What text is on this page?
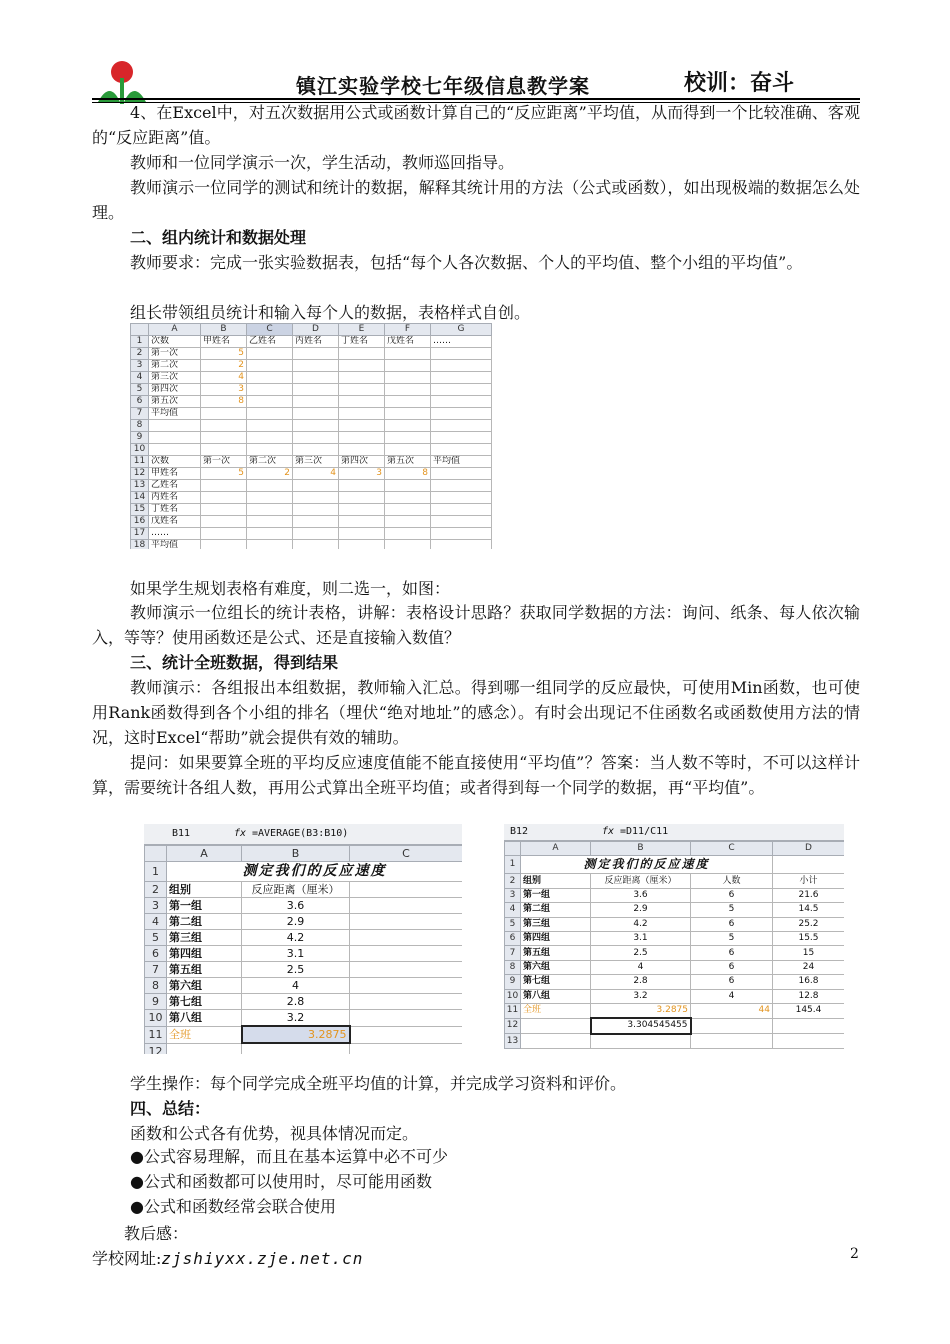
镇江实验学校七年级信息教学案	校训：奋斗
4、在Excel中，对五次数据用公式或函数计算自己的“反应距离”平均值，从而得到一个比较准确、客观的“反应距离”值。
教师和一位同学演示一次，学生活动，教师巡回指导。
教师演示一位同学的测试和统计的数据，解释其统计用的方法（公式或函数），如出现极端的数据怎么处理。
二、组内统计和数据处理
教师要求：完成一张实验数据表，包括“每个人各次数据、个人的平均值、整个小组的平均值”。
组长带领组员统计和输入每个人的数据，表格样式自创。
	A	B	C	D	E	F	G	
1	次数	甲姓名	乙姓名	丙姓名	丁姓名	戊姓名	……	
2	第一次	5						
3	第二次	2						
4	第三次	4						
5	第四次	3						
6	第五次	8						
7	平均值							
8								
9								
10								
11	次数	第一次	第二次	第三次	第四次	第五次	平均值	
12	甲姓名	5	2	4	3	8		
13	乙姓名							
14	丙姓名							
15	丁姓名							
16	戊姓名							
17	……							
18	平均值							
如果学生规划表格有难度，则二选一，如图：
教师演示一位组长的统计表格，讲解：表格设计思路？获取同学数据的方法：询问、纸条、每人依次输入，等等？使用函数还是公式、还是直接输入数值？
三、统计全班数据，得到结果
教师演示：各组报出本组数据，教师输入汇总。得到哪一组同学的反应最快，可使用Min函数，也可使用Rank函数得到各个小组的排名（埋伏“绝对地址”的感念）。有时会出现记不住函数名或函数使用方法的情况，这时Excel“帮助”就会提供有效的辅助。
提问：如果要算全班的平均反应速度值能不能直接使用“平均值”？答案：当人数不等时，不可以这样计算，需要统计各组人数，再用公式算出全班平均值；或者得到每一个同学的数据，再“平均值”。
B11	fx =AVERAGE(B3:B10)
	A	B	C
1	测定我们的反应速度		
2	组别	反应距离（厘米）	
3	第一组	3.6	
4	第二组	2.9	
5	第三组	4.2	
6	第四组	3.1	
7	第五组	2.5	
8	第六组	4	
9	第七组	2.8	
10	第八组	3.2	
11	全班	3.2875	
12			
B12	fx =D11/C11
	A	B	C	D
1	测定我们的反应速度			
2	组别	反应距离（厘米）	人数	小计
3	第一组	3.6	6	21.6
4	第二组	2.9	5	14.5
5	第三组	4.2	6	25.2
6	第四组	3.1	5	15.5
7	第五组	2.5	6	15
8	第六组	4	6	24
9	第七组	2.8	6	16.8
10	第八组	3.2	4	12.8
11	全班	3.2875	44	145.4
12		3.304545455		
13				
学生操作：每个同学完成全班平均值的计算，并完成学习资料和评价。
四、总结：
函数和公式各有优势，视具体情况而定。
●公式容易理解，而且在基本运算中必不可少
●公式和函数都可以使用时，尽可能用函数
●公式和函数经常会联合使用
教后感：
学校网址:zjshiyxx.zje.net.cn	2
